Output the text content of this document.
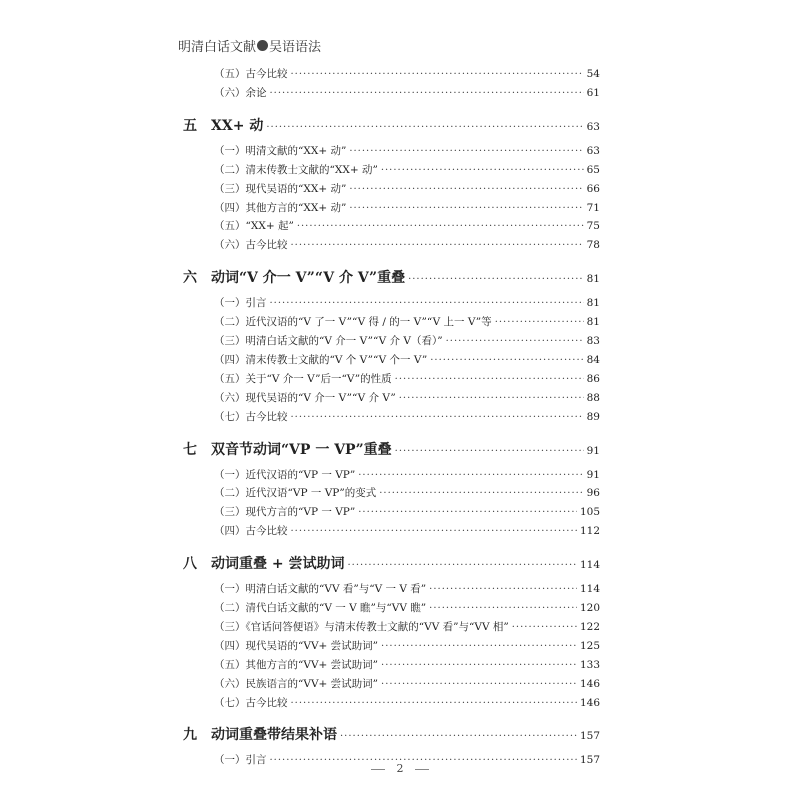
明清白话文献 吴语语法
（五）古今比较 ·····	54
（六）余论 ·····	61
五　XX+ 动 ·····	63
（一）明清文献的“XX+ 动” ·····	63
（二）清末传教士文献的“XX+ 动” ·····	65
（三）现代吴语的“XX+ 动” ·····	66
（四）其他方言的“XX+ 动” ·····	71
（五）“XX+ 起” ·····	75
（六）古今比较 ·····	78
六　动词“V 介一 V”“V 介 V”重叠 ·····	81
（一）引言 ·····	81
（二）近代汉语的“V 了一 V”“V 得 / 的一 V”“V 上一 V”等 ·····	81
（三）明清白话文献的“V 介一 V”“V 介 V（看）” ·····	83
（四）清末传教士文献的“V 个 V”“V 个一 V” ·····	84
（五）关于“V 介一 V”后一“V”的性质 ·····	86
（六）现代吴语的“V 介一 V”“V 介 V” ·····	88
（七）古今比较 ·····	89
七　双音节动词“VP 一 VP”重叠 ·····	91
（一）近代汉语的“VP 一 VP” ·····	91
（二）近代汉语“VP 一 VP”的变式 ·····	96
（三）现代方言的“VP 一 VP” ·····	105
（四）古今比较 ·····	112
八　动词重叠 + 尝试助词 ·····	114
（一）明清白话文献的“VV 看”与“V 一 V 看” ·····	114
（二）清代白话文献的“V 一 V 瞧”与“VV 瞧” ·····	120
（三）《官话问答便语》与清末传教士文献的“VV 看”与“VV 相” ·····	122
（四）现代吴语的“VV+ 尝试助词” ·····	125
（五）其他方言的“VV+ 尝试助词” ·····	133
（六）民族语言的“VV+ 尝试助词” ·····	146
（七）古今比较 ·····	146
九　动词重叠带结果补语 ·····	157
（一）引言 ·····	157
2
